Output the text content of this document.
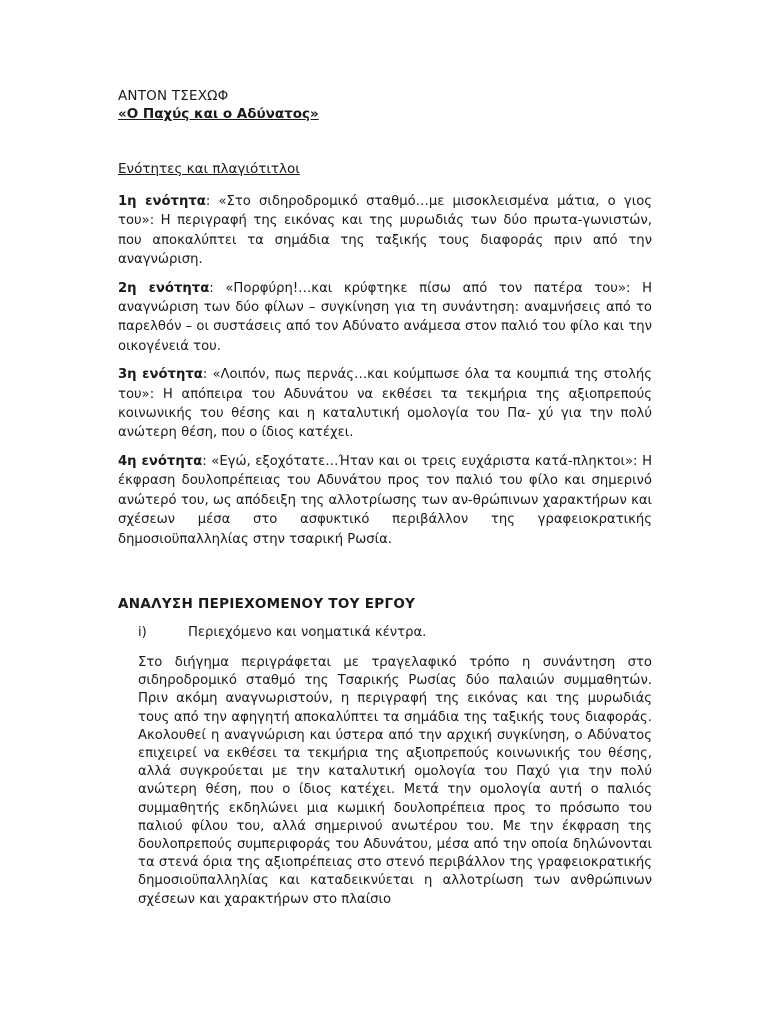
ΑΝΤΟΝ ΤΣΕΧΩΦ
«Ο Παχύς και ο Αδύνατος»
Ενότητες και πλαγιότιτλοι

1η ενότητα: «Στο σιδηροδρομικό σταθμό…με μισοκλεισμένα μάτια, ο γιος του»: Η περιγραφή της εικόνας και της μυρωδιάς των δύο πρωτα-γωνιστών, που αποκαλύπτει τα σημάδια της ταξικής τους διαφοράς πριν από την αναγνώριση.

2η ενότητα: «Πορφύρη!…και κρύφτηκε πίσω από τον πατέρα του»: Η αναγνώριση των δύο φίλων – συγκίνηση για τη συνάντηση: αναμνήσεις από το παρελθόν – οι συστάσεις από τον Αδύνατο ανάμεσα στον παλιό του φίλο και την οικογένειά του.

3η ενότητα: «Λοιπόν, πως περνάς…και κούμπωσε όλα τα κουμπιά της στολής του»: Η απόπειρα του Αδυνάτου να εκθέσει τα τεκμήρια της αξιοπρεπούς κοινωνικής του θέσης και η καταλυτική ομολογία του Πα- χύ για την πολύ ανώτερη θέση, που ο ίδιος κατέχει.

4η ενότητα: «Εγώ, εξοχότατε…Ήταν και οι τρεις ευχάριστα κατά-πληκτοι»: Η έκφραση δουλοπρέπειας του Αδυνάτου προς τον παλιό του φίλο και σημερινό ανώτερό του, ως απόδειξη της αλλοτρίωσης των αν-θρώπινων χαρακτήρων και σχέσεων μέσα στο ασφυκτικό περιβάλλον της γραφειοκρατικής δημοσιοϋπαλληλίας στην τσαρική Ρωσία.

ΑΝΑΛΥΣΗ ΠΕΡΙΕΧΟΜΕΝΟΥ ΤΟΥ ΕΡΓΟΥ
i)	Περιεχόμενο και νοηματικά κέντρα.

Στο διήγημα περιγράφεται με τραγελαφικό τρόπο η συνάντηση στο σιδηροδρομικό σταθμό της Τσαρικής Ρωσίας δύο παλαιών συμμαθητών. Πριν ακόμη αναγνωριστούν, η περιγραφή της εικόνας και της μυρωδιάς τους από την αφηγητή αποκαλύπτει τα σημάδια της ταξικής τους διαφοράς. Ακολουθεί η αναγνώριση και ύστερα από την αρχική συγκίνηση, ο Αδύνατος επιχειρεί να εκθέσει τα τεκμήρια της αξιοπρεπούς κοινωνικής του θέσης, αλλά συγκρούεται με την καταλυτική ομολογία του Παχύ για την πολύ ανώτερη θέση, που ο ίδιος κατέχει. Μετά την ομολογία αυτή ο παλιός συμμαθητής εκδηλώνει μια κωμική δουλοπρέπεια προς το πρόσωπο του παλιού φίλου του, αλλά σημερινού ανωτέρου του. Με την έκφραση της δουλοπρεπούς συμπεριφοράς του Αδυνάτου, μέσα από την οποία δηλώνονται τα στενά όρια της αξιοπρέπειας στο στενό περιβάλλον της γραφειοκρατικής δημοσιοϋπαλληλίας και καταδεικνύεται η αλλοτρίωση των ανθρώπινων σχέσεων και χαρακτήρων στο πλαίσιο
